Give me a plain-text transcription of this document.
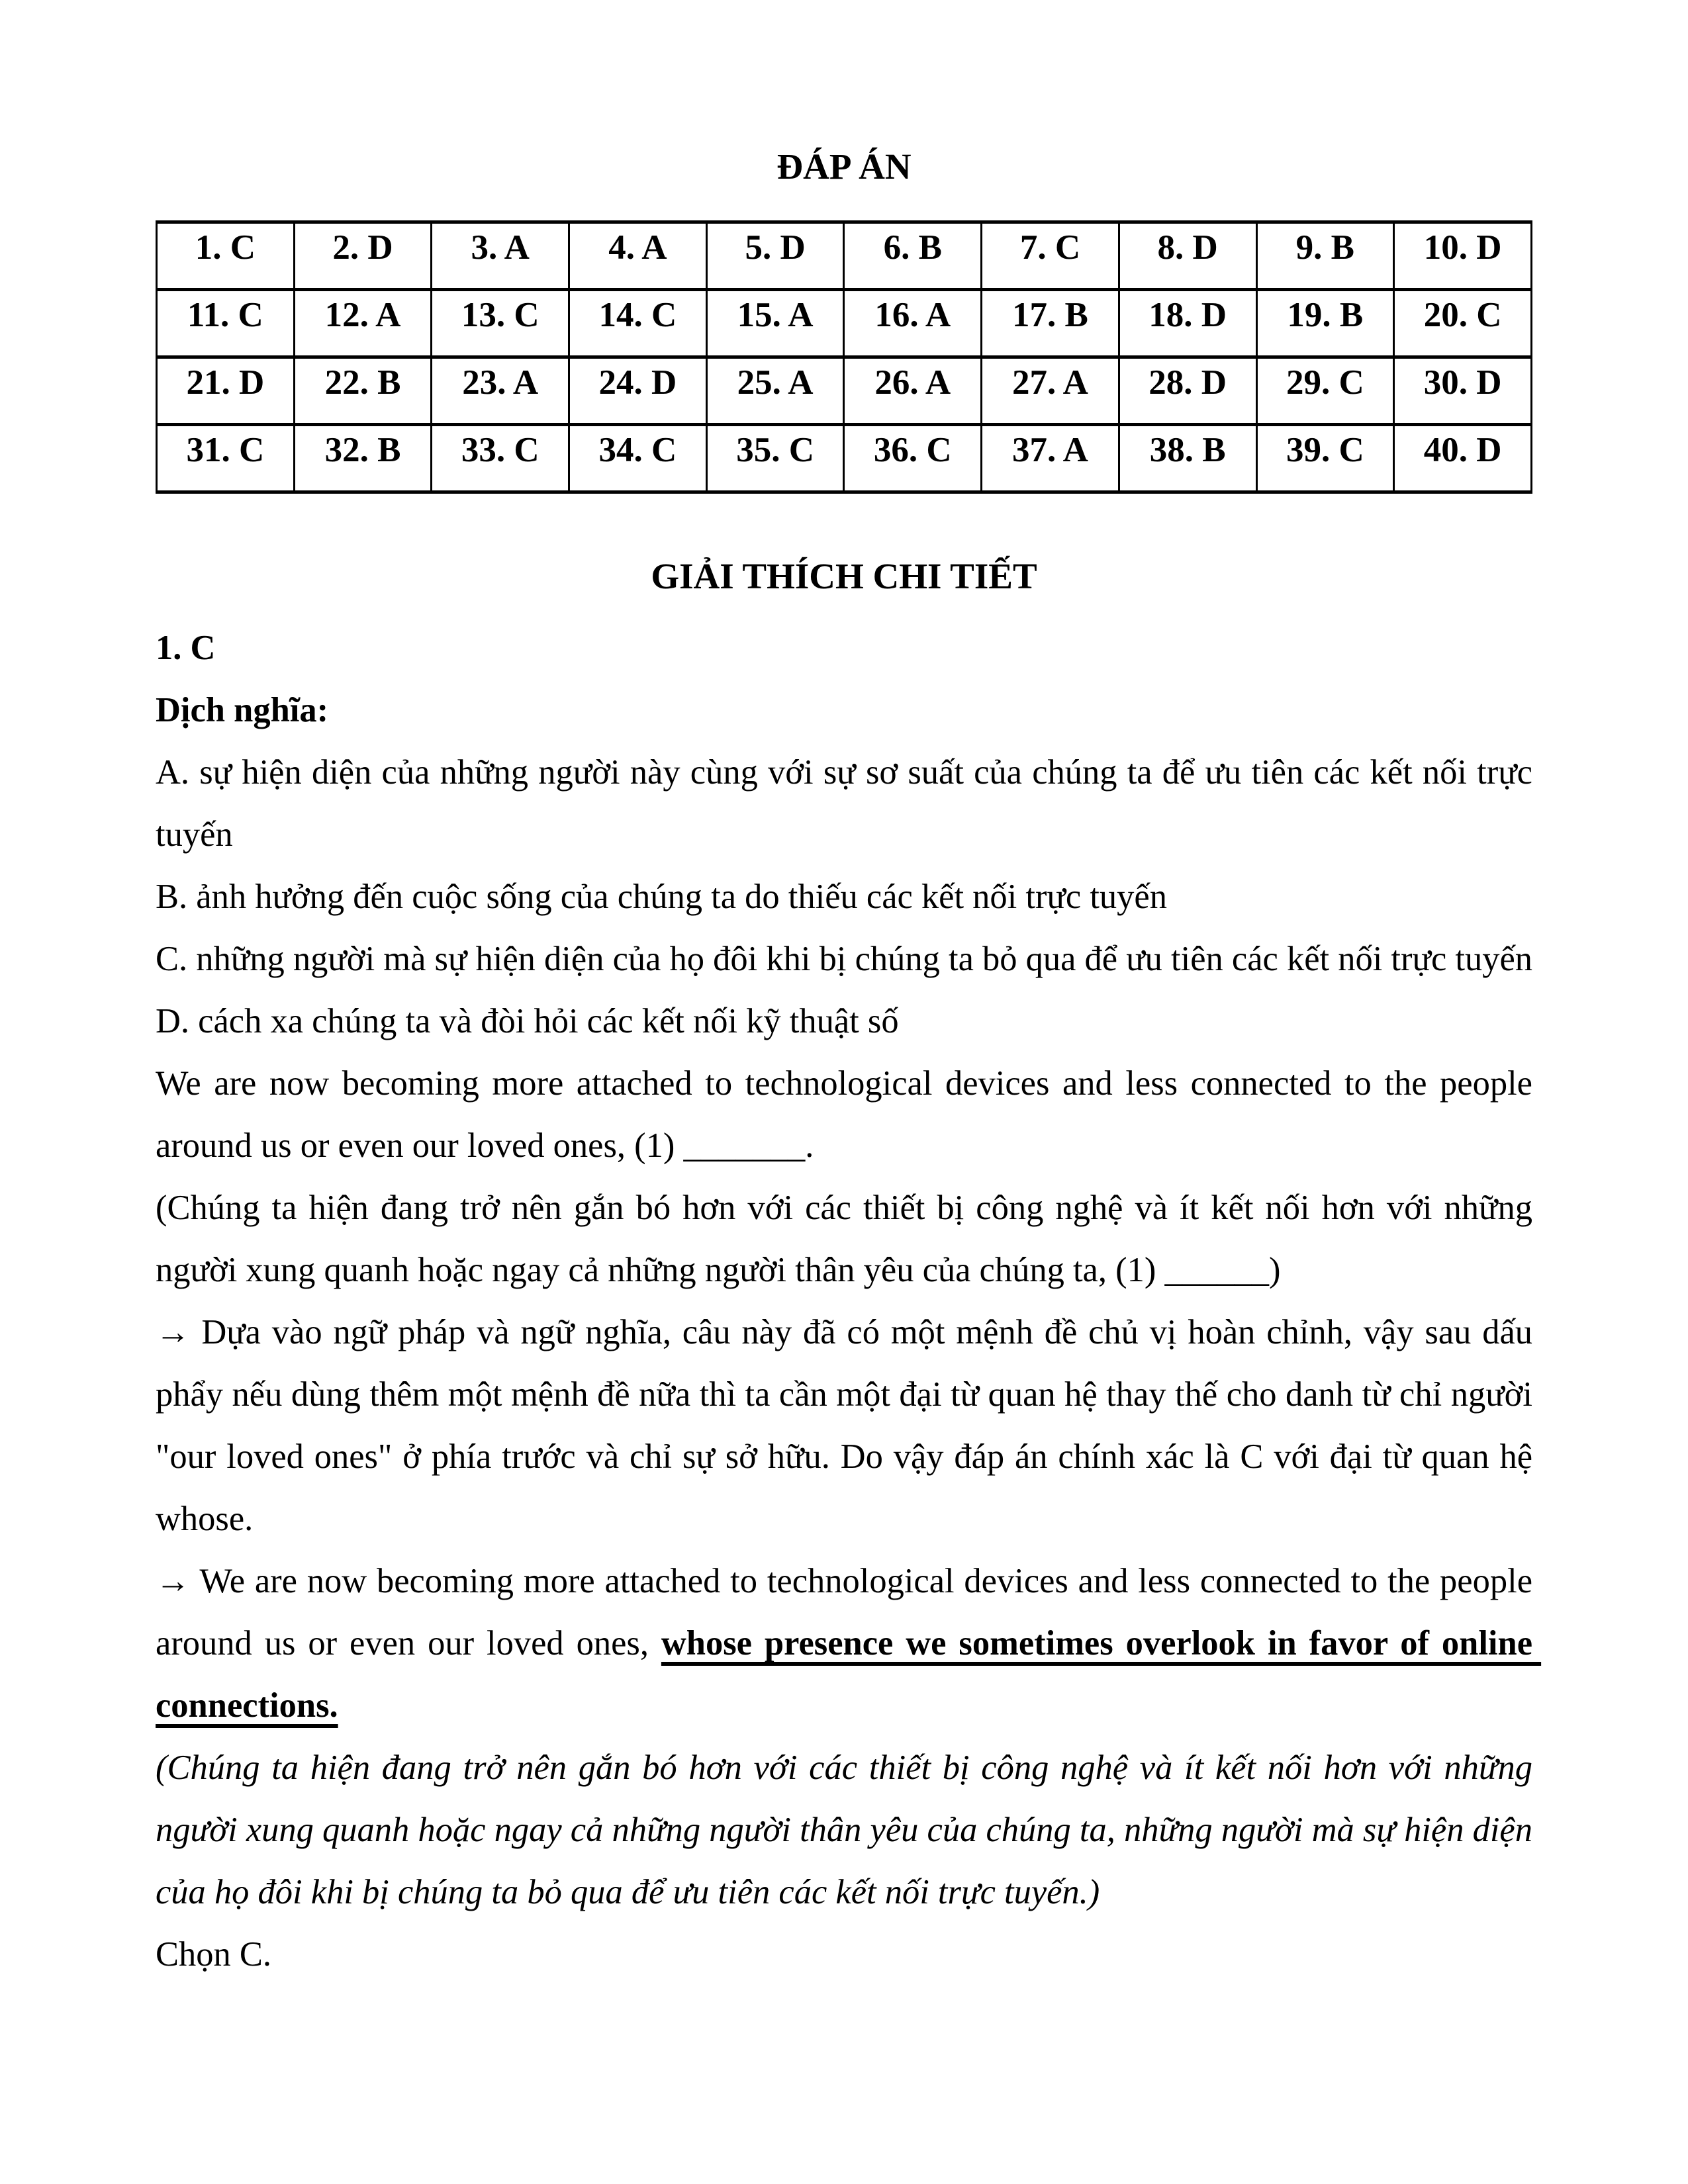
ĐÁP ÁN
1. C	2. D	3. A	4. A	5. D	6. B	7. C	8. D	9. B	10. D
11. C	12. A	13. C	14. C	15. A	16. A	17. B	18. D	19. B	20. C
21. D	22. B	23. A	24. D	25. A	26. A	27. A	28. D	29. C	30. D
31. C	32. B	33. C	34. C	35. C	36. C	37. A	38. B	39. C	40. D
GIẢI THÍCH CHI TIẾT

1. C

Dịch nghĩa:

A. sự hiện diện của những người này cùng với sự sơ suất của chúng ta để ưu tiên các kết nối trực tuyến

B. ảnh hưởng đến cuộc sống của chúng ta do thiếu các kết nối trực tuyến

C. những người mà sự hiện diện của họ đôi khi bị chúng ta bỏ qua để ưu tiên các kết nối trực tuyến

D. cách xa chúng ta và đòi hỏi các kết nối kỹ thuật số

We are now becoming more attached to technological devices and less connected to the people around us or even our loved ones, (1) _______.

(Chúng ta hiện đang trở nên gắn bó hơn với các thiết bị công nghệ và ít kết nối hơn với những người xung quanh hoặc ngay cả những người thân yêu của chúng ta, (1) ______)

→ Dựa vào ngữ pháp và ngữ nghĩa, câu này đã có một mệnh đề chủ vị hoàn chỉnh, vậy sau dấu phẩy nếu dùng thêm một mệnh đề nữa thì ta cần một đại từ quan hệ thay thế cho danh từ chỉ người "our loved ones" ở phía trước và chỉ sự sở hữu. Do vậy đáp án chính xác là C với đại từ quan hệ whose.

→ We are now becoming more attached to technological devices and less connected to the people around us or even our loved ones, whose presence we sometimes overlook in favor of online connections.

(Chúng ta hiện đang trở nên gắn bó hơn với các thiết bị công nghệ và ít kết nối hơn với những người xung quanh hoặc ngay cả những người thân yêu của chúng ta, những người mà sự hiện diện của họ đôi khi bị chúng ta bỏ qua để ưu tiên các kết nối trực tuyến.)

Chọn C.
